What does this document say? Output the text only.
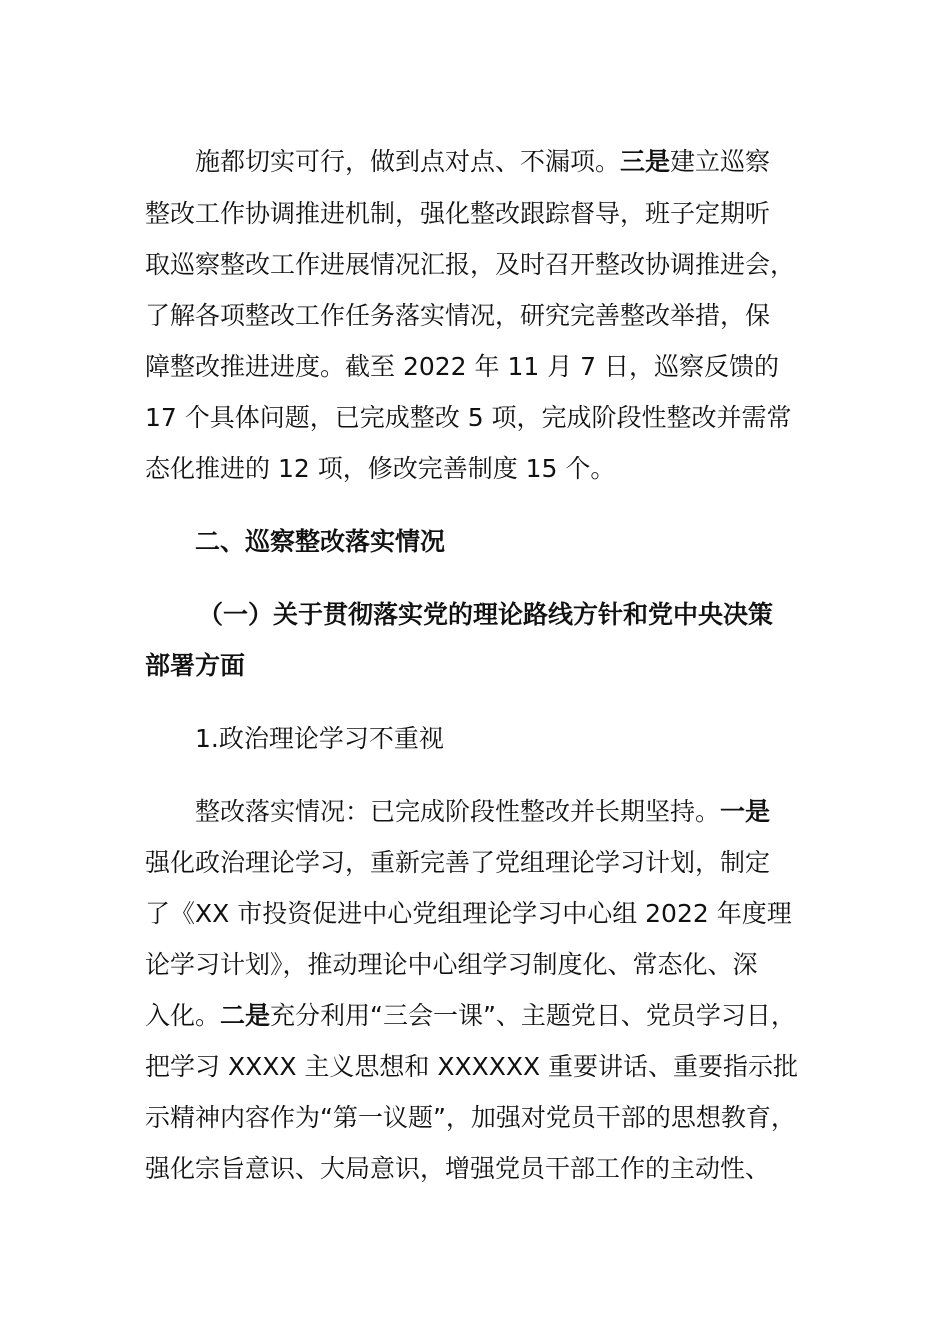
施都切实可行，做到点对点、不漏项。三是建立巡察
整改工作协调推进机制，强化整改跟踪督导，班子定期听
取巡察整改工作进展情况汇报，及时召开整改协调推进会，
了解各项整改工作任务落实情况，研究完善整改举措，保
障整改推进进度。截至 2022 年 11 月 7 日，巡察反馈的
17 个具体问题，已完成整改 5 项，完成阶段性整改并需常
态化推进的 12 项，修改完善制度 15 个。
二、巡察整改落实情况
（一）关于贯彻落实党的理论路线方针和党中央决策
部署方面
1.政治理论学习不重视
整改落实情况：已完成阶段性整改并长期坚持。一是
强化政治理论学习，重新完善了党组理论学习计划，制定
了《XX 市投资促进中心党组理论学习中心组 2022 年度理
论学习计划》，推动理论中心组学习制度化、常态化、深
入化。二是充分利用“三会一课”、主题党日、党员学习日，
把学习 XXXX 主义思想和 XXXXXX 重要讲话、重要指示批
示精神内容作为“第一议题”，加强对党员干部的思想教育，
强化宗旨意识、大局意识，增强党员干部工作的主动性、
